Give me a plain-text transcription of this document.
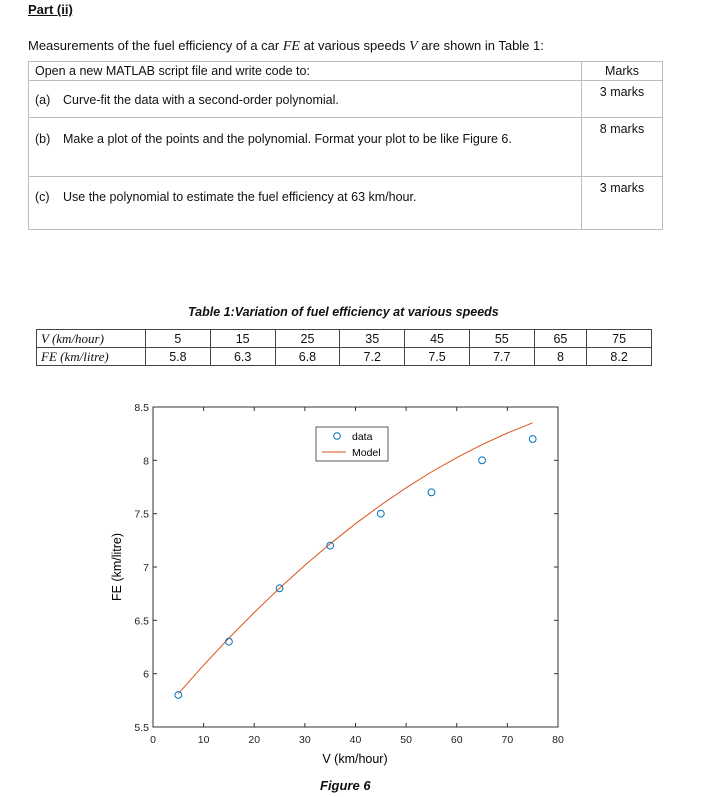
Part (ii)
Measurements of the fuel efficiency of a car FE at various speeds V are shown in Table 1:
Open a new MATLAB script file and write code to:	Marks

(a) Curve-fit the data with a second-order polynomial.	3 marks

(b) Make a plot of the points and the polynomial. Format your plot to be like Figure 6.	8 marks

(c) Use the polynomial to estimate the fuel efficiency at 63 km/hour.	3 marks
Table 1:Variation of fuel efficiency at various speeds
V (km/hour)	5	15	25	35	45	55	65	75
FE (km/litre)	5.8	6.3	6.8	7.2	7.5	7.7	8	8.2
0	10	20	30	40	50	60	70	80
5.5
6
6.5
7
7.5
8
8.5
data
Model
V (km/hour)
FE (km/litre)
Figure 6
